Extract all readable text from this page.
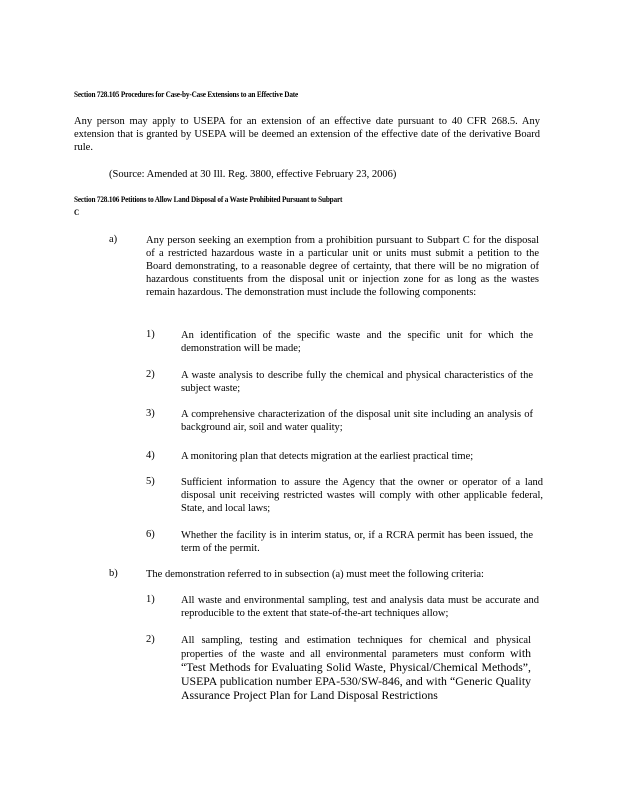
Section 728.105 Procedures for Case-by-Case Extensions to an Effective Date
Any person may apply to USEPA for an extension of an effective date pursuant to 40 CFR 268.5. Any extension that is granted by USEPA will be deemed an extension of the effective date of the derivative Board rule.
(Source: Amended at 30 Ill. Reg. 3800, effective February 23, 2006)
Section 728.106 Petitions to Allow Land Disposal of a Waste Prohibited Pursuant to Subpart
C
a)	Any person seeking an exemption from a prohibition pursuant to Subpart C for the disposal of a restricted hazardous waste in a particular unit or units must submit a petition to the Board demonstrating, to a reasonable degree of certainty, that there will be no migration of hazardous constituents from the disposal unit or injection zone for as long as the wastes remain hazardous. The demonstration must include the following components:
1)	An identification of the specific waste and the specific unit for which the demonstration will be made;
2)	A waste analysis to describe fully the chemical and physical characteristics of the subject waste;
3)	A comprehensive characterization of the disposal unit site including an analysis of background air, soil and water quality;
4)	A monitoring plan that detects migration at the earliest practical time;
5)	Sufficient information to assure the Agency that the owner or operator of a land disposal unit receiving restricted wastes will comply with other applicable federal, State, and local laws;
6)	Whether the facility is in interim status, or, if a RCRA permit has been issued, the term of the permit.
b)	The demonstration referred to in subsection (a) must meet the following criteria:
1)	All waste and environmental sampling, test and analysis data must be accurate and reproducible to the extent that state-of-the-art techniques allow;
2)	All sampling, testing and estimation techniques for chemical and physical properties of the waste and all environmental parameters must conform with “Test Methods for Evaluating Solid Waste, Physical/Chemical Methods”, USEPA publication number EPA-530/SW-846, and with “Generic Quality Assurance Project Plan for Land Disposal Restrictions
